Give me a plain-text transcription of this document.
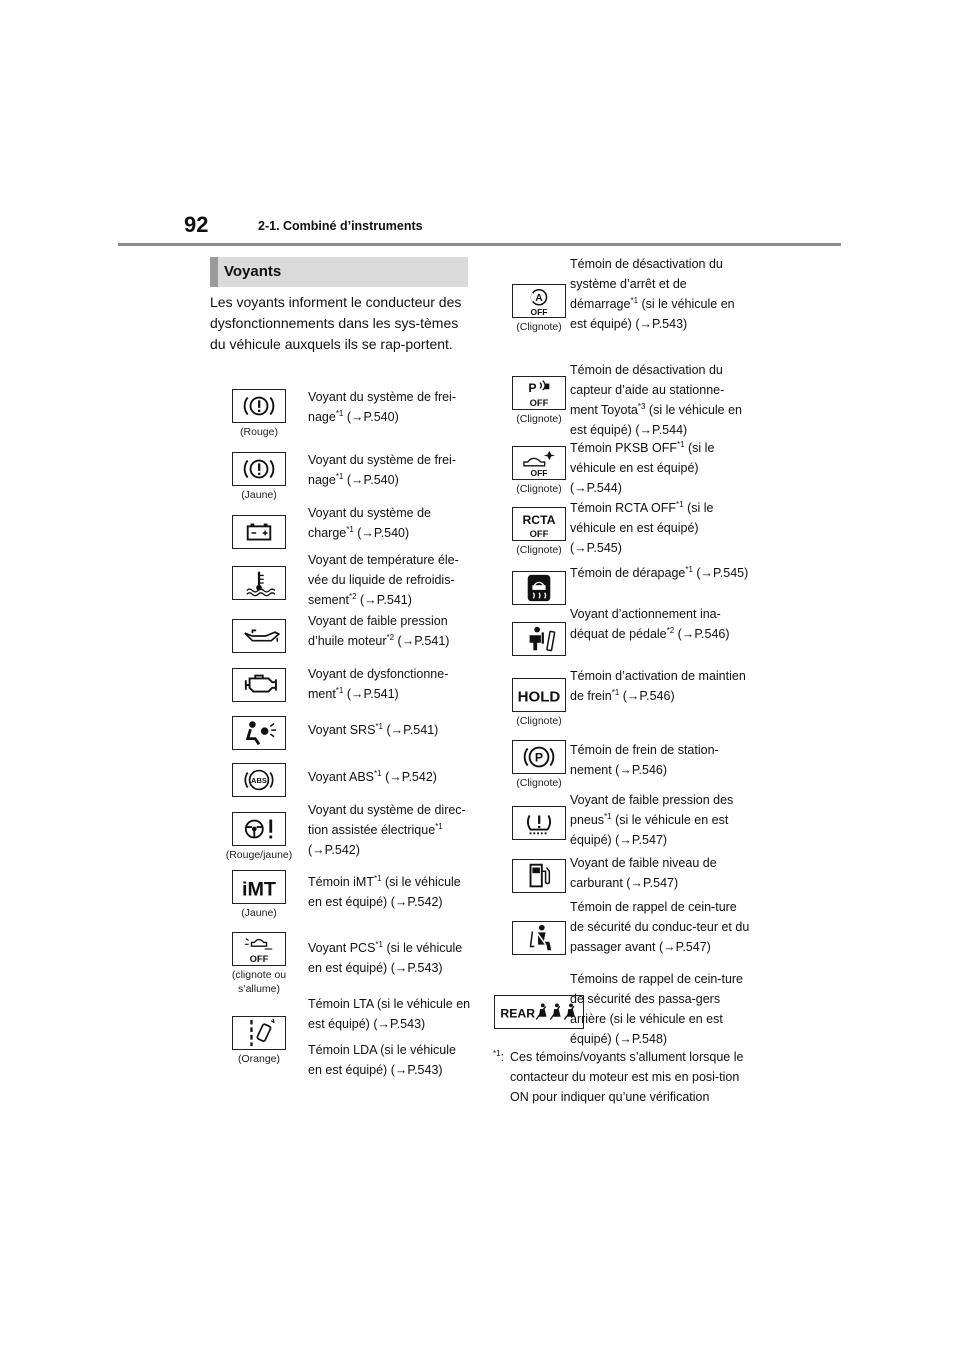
92	2-1. Combiné d’instruments
Voyants
Les voyants informent le conducteur des dysfonctionnements dans les sys-tèmes du véhicule auxquels ils se rap-portent.
(Rouge)
Voyant du système de frei-nage$^{*1}$ (→P.540)
(Jaune)
Voyant du système de frei-nage$^{*1}$ (→P.540)
Voyant du système de charge$^{*1}$ (→P.540)
Voyant de température éle-vée du liquide de refroidis-sement$^{*2}$ (→P.541)
Voyant de faible pression d’huile moteur$^{*2}$ (→P.541)
Voyant de dysfonctionne-ment$^{*1}$ (→P.541)
Voyant SRS$^{*1}$ (→P.541)
ABS	Voyant ABS$^{*1}$ (→P.542)
(Rouge/jaune)
Voyant du système de direc-tion assistée électrique$^{*1}$ (→P.542)
iMT
(Jaune)
Témoin iMT$^{*1}$ (si le véhicule en est équipé) (→P.542)
OFF
(clignote ou s’allume)
Voyant PCS$^{*1}$ (si le véhicule en est équipé) (→P.543)
(Orange)
Témoin LTA (si le véhicule en est équipé) (→P.543)
Témoin LDA (si le véhicule en est équipé) (→P.543)
A
OFF
(Clignote)
Témoin de désactivation du système d’arrêt et de démarrage$^{*1}$ (si le véhicule en est équipé) (→P.543)
P
OFF
(Clignote)
Témoin de désactivation du capteur d’aide au stationne-ment Toyota$^{*3}$ (si le véhicule en est équipé) (→P.544)
OFF
(Clignote)
Témoin PKSB OFF$^{*1}$ (si le véhicule en est équipé) (→P.544)
RCTA
OFF
(Clignote)
Témoin RCTA OFF$^{*1}$ (si le véhicule en est équipé) (→P.545)
Témoin de dérapage$^{*1}$ (→P.545)
Voyant d’actionnement ina-déquat de pédale$^{*2}$ (→P.546)
HOLD
(Clignote)
Témoin d’activation de maintien de frein$^{*1}$ (→P.546)
P
(Clignote)
Témoin de frein de station-nement (→P.546)
Voyant de faible pression des pneus$^{*1}$ (si le véhicule en est équipé) (→P.547)
Voyant de faible niveau de carburant (→P.547)
Témoin de rappel de cein-ture de sécurité du conduc-teur et du passager avant (→P.547)
REAR
Témoins de rappel de cein-ture de sécurité des passa-gers arrière (si le véhicule en est équipé) (→P.548)
$^{*1}$: Ces témoins/voyants s’allument lorsque le contacteur du moteur est mis en posi-tion ON pour indiquer qu’une vérification
